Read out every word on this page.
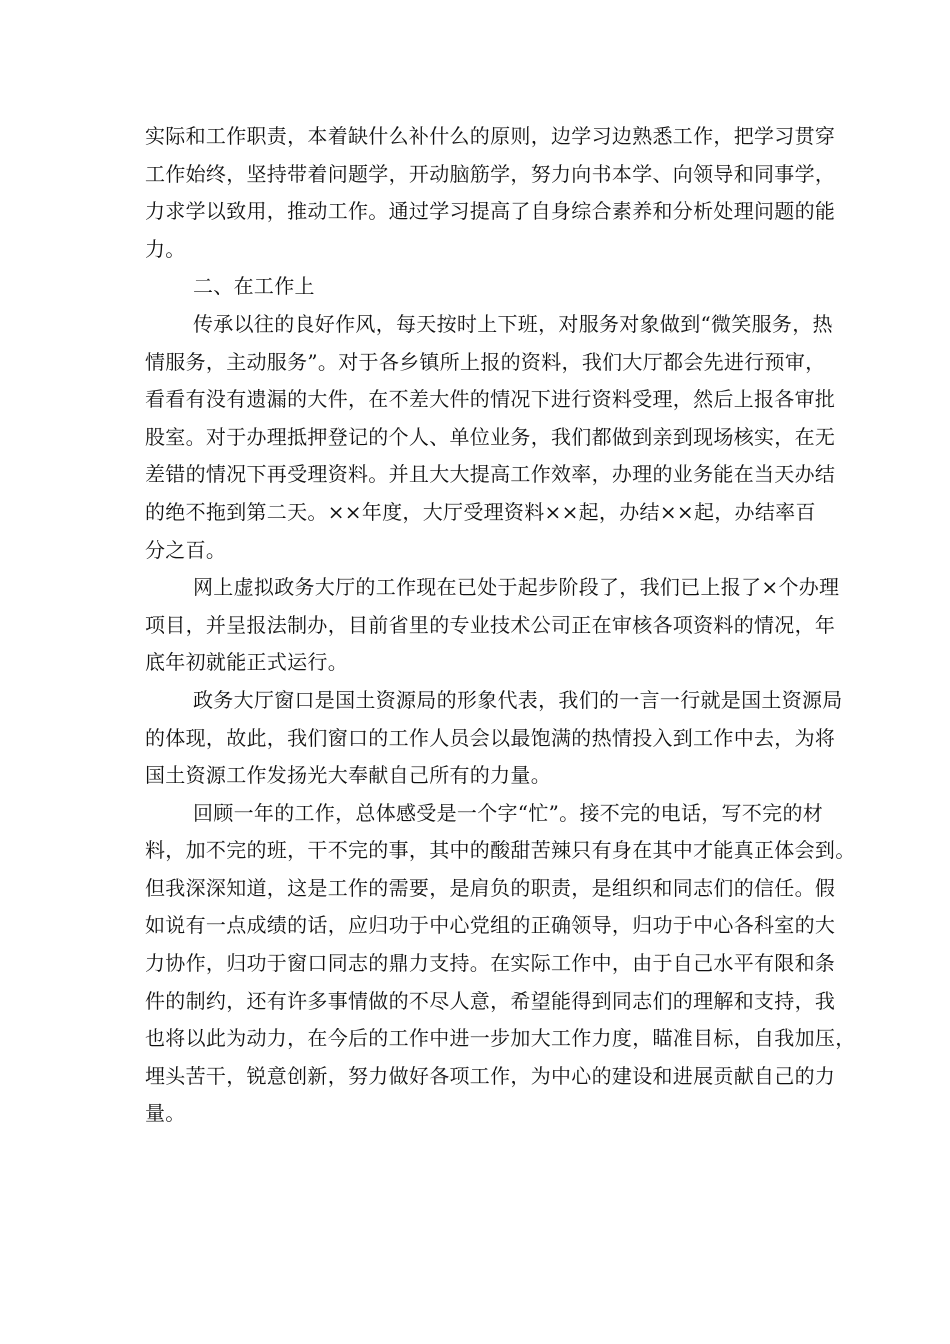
实际和工作职责，本着缺什么补什么的原则，边学习边熟悉工作，把学习贯穿
工作始终，坚持带着问题学，开动脑筋学，努力向书本学、向领导和同事学，
力求学以致用，推动工作。通过学习提高了自身综合素养和分析处理问题的能
力。
二、在工作上
传承以往的良好作风，每天按时上下班，对服务对象做到“微笑服务，热
情服务，主动服务”。对于各乡镇所上报的资料，我们大厅都会先进行预审，
看看有没有遗漏的大件，在不差大件的情况下进行资料受理，然后上报各审批
股室。对于办理抵押登记的个人、单位业务，我们都做到亲到现场核实，在无
差错的情况下再受理资料。并且大大提高工作效率，办理的业务能在当天办结
的绝不拖到第二天。××年度，大厅受理资料××起，办结××起，办结率百
分之百。
网上虚拟政务大厅的工作现在已处于起步阶段了，我们已上报了×个办理
项目，并呈报法制办，目前省里的专业技术公司正在审核各项资料的情况，年
底年初就能正式运行。
政务大厅窗口是国土资源局的形象代表，我们的一言一行就是国土资源局
的体现，故此，我们窗口的工作人员会以最饱满的热情投入到工作中去，为将
国土资源工作发扬光大奉献自己所有的力量。
回顾一年的工作，总体感受是一个字“忙”。接不完的电话，写不完的材
料，加不完的班，干不完的事，其中的酸甜苦辣只有身在其中才能真正体会到。
但我深深知道，这是工作的需要，是肩负的职责，是组织和同志们的信任。假
如说有一点成绩的话，应归功于中心党组的正确领导，归功于中心各科室的大
力协作，归功于窗口同志的鼎力支持。在实际工作中，由于自己水平有限和条
件的制约，还有许多事情做的不尽人意，希望能得到同志们的理解和支持，我
也将以此为动力，在今后的工作中进一步加大工作力度，瞄准目标，自我加压，
埋头苦干，锐意创新，努力做好各项工作，为中心的建设和进展贡献自己的力
量。
